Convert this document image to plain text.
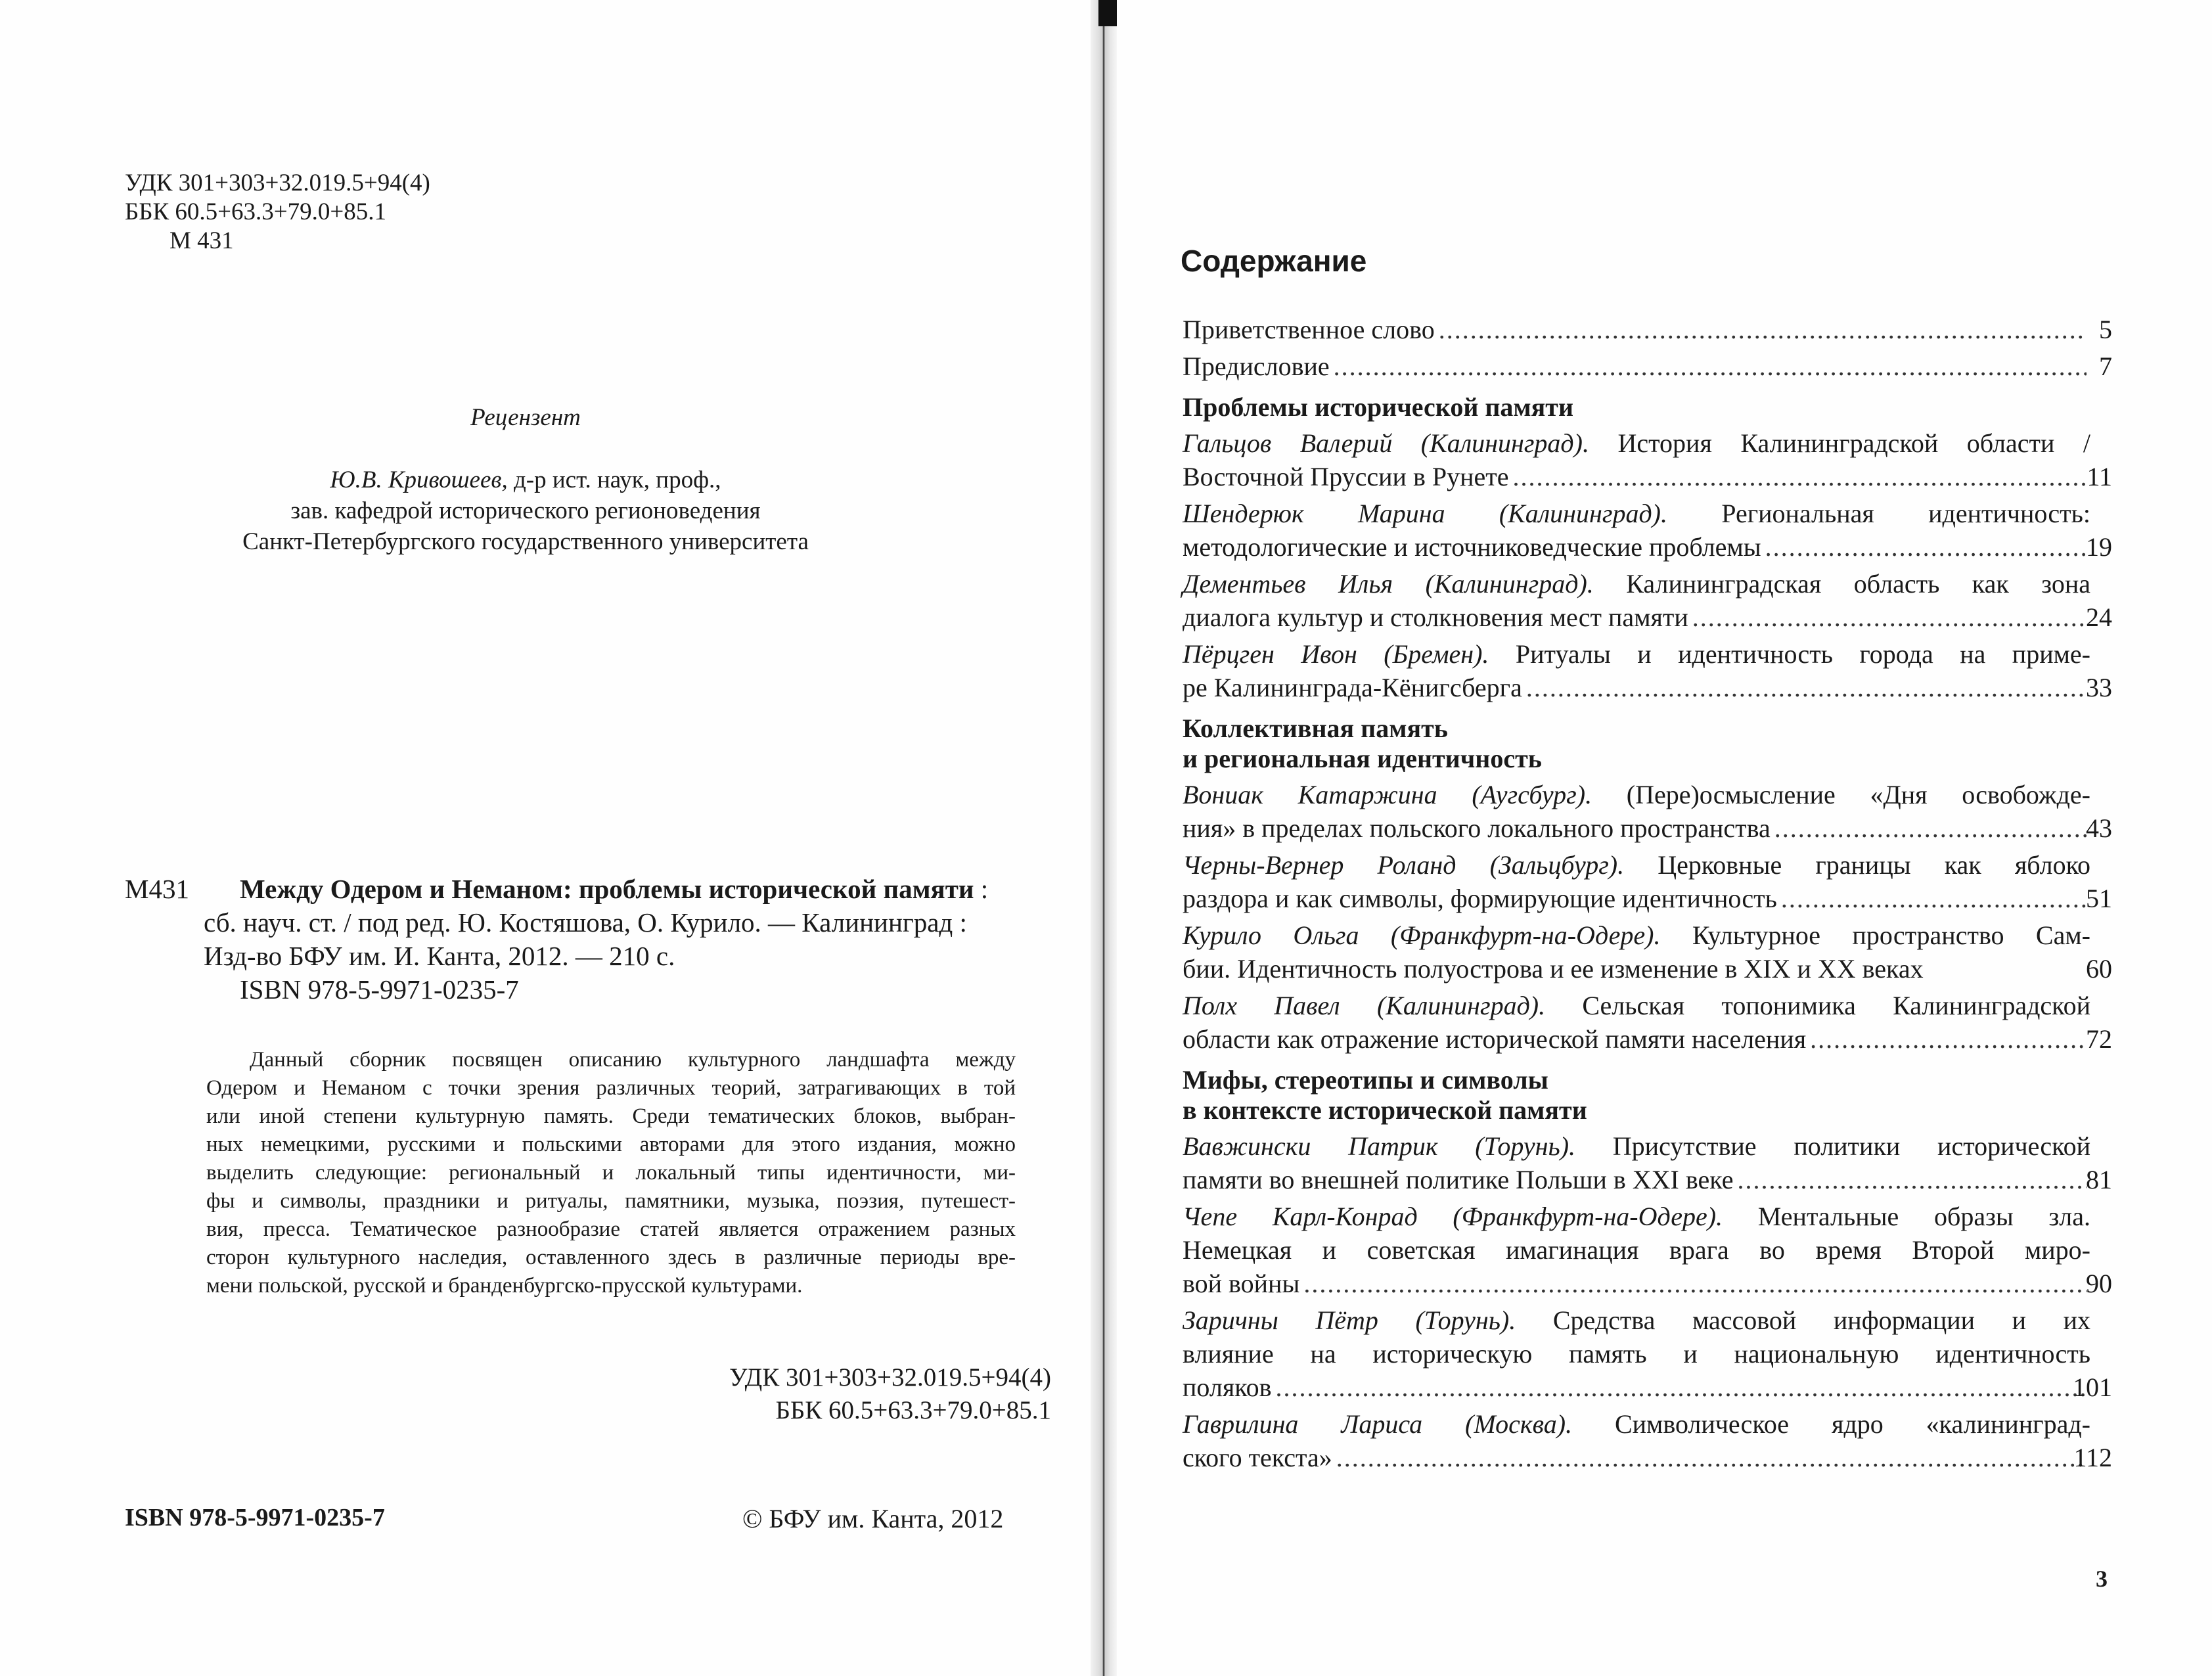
УДК 301+303+32.019.5+94(4)
ББК 60.5+63.3+79.0+85.1
М 431
Рецензент
Ю.В. Кривошеев, д-р ист. наук, проф.,
зав. кафедрой исторического регионоведения
Санкт-Петербургского государственного университета
М431	Между Одером и Неманом: проблемы исторической памяти :
сб. науч. ст. / под ред. Ю. Костяшова, О. Курило. — Калининград :
Изд-во БФУ им. И. Канта, 2012. — 210 с.
ISBN 978-5-9971-0235-7
Данный сборник посвящен описанию культурного ландшафта между
Одером и Неманом с точки зрения различных теорий, затрагивающих в той
или иной степени культурную память. Среди тематических блоков, выбран-
ных немецкими, русскими и польскими авторами для этого издания, можно
выделить следующие: региональный и локальный типы идентичности, ми-
фы и символы, праздники и ритуалы, памятники, музыка, поэзия, путешест-
вия, пресса. Тематическое разнообразие статей является отражением разных
сторон культурного наследия, оставленного здесь в различные периоды вре-
мени польской, русской и бранденбургско-прусской культурами.
УДК 301+303+32.019.5+94(4)
ББК 60.5+63.3+79.0+85.1
ISBN 978-5-9971-0235-7	© БФУ им. Канта, 2012
Содержание
Приветственное слово .....	5
Предисловие .....	7
Проблемы исторической памяти
Гальцов Валерий (Калининград). История Калининградской области /
Восточной Пруссии в Рунете .....	11
Шендерюк Марина (Калининград). Региональная идентичность:
методологические и источниковедческие проблемы .....	19
Дементьев Илья (Калининград). Калининградская область как зона
диалога культур и столкновения мест памяти .....	24
Пёрцген Ивон (Бремен). Ритуалы и идентичность города на приме-
ре Калининграда-Кёнигсберга .....	33
Коллективная память
и региональная идентичность
Вониак Катаржина (Аугсбург). (Пере)осмысление «Дня освобожде-
ния» в пределах польского локального пространства .....	43
Черны-Вернер Роланд (Зальцбург). Церковные границы как яблоко
раздора и как символы, формирующие идентичность .....	51
Курило Ольга (Франкфурт-на-Одере). Культурное пространство Сам-
бии. Идентичность полуострова и ее изменение в XIX и XX веках	60
Полх Павел (Калининград). Сельская топонимика Калининградской
области как отражение исторической памяти населения .....	72
Мифы, стереотипы и символы
в контексте исторической памяти
Вавжински Патрик (Торунь). Присутствие политики исторической
памяти во внешней политике Польши в XXI веке .....	81
Чепе Карл-Конрад (Франкфурт-на-Одере). Ментальные образы зла.
Немецкая и советская имагинация врага во время Второй миро-
вой войны .....	90
Заричны Пётр (Торунь). Средства массовой информации и их
влияние на историческую память и национальную идентичность
поляков .....	101
Гаврилина Лариса (Москва). Символическое ядро «калининград-
ского текста» .....	112
3
